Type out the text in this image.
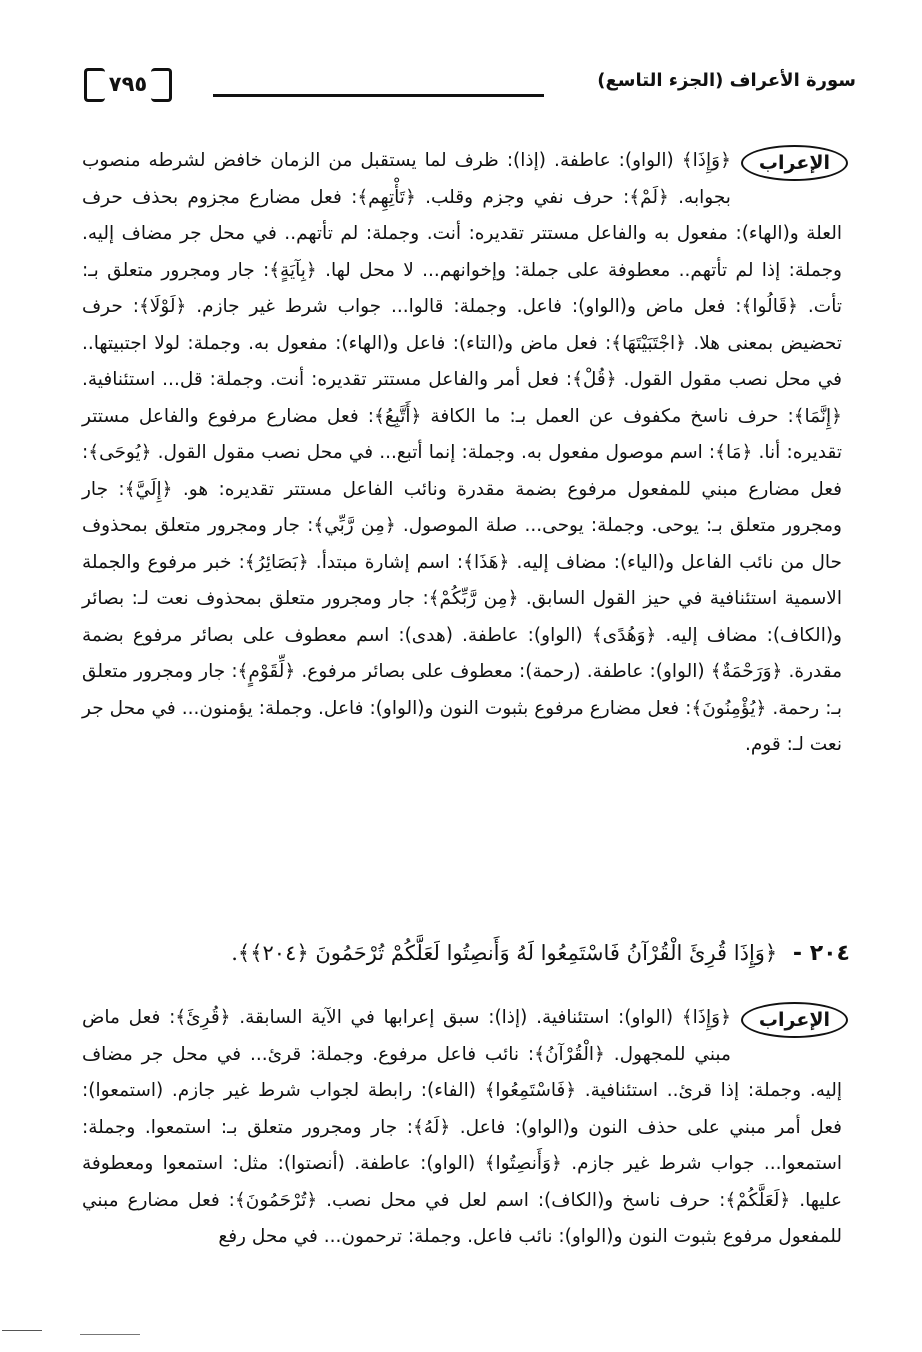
٧٩٥	سورة الأعراف (الجزء التاسع)
الإعراب

﴿وَإِذَا﴾ (الواو): عاطفة. (إذا): ظرف لما يستقبل من الزمان خافض لشرطه منصوب بجوابه. ﴿لَمْ﴾: حرف نفي وجزم وقلب. ﴿تَأْتِهِم﴾: فعل مضارع مجزوم بحذف حرف العلة و(الهاء): مفعول به والفاعل مستتر تقديره: أنت. وجملة: لم تأتهم.. في محل جر مضاف إليه. وجملة: إذا لم تأتهم.. معطوفة على جملة: وإخوانهم... لا محل لها. ﴿بِآيَةٍ﴾: جار ومجرور متعلق بـ: تأت. ﴿قَالُوا﴾: فعل ماض و(الواو): فاعل. وجملة: قالوا... جواب شرط غير جازم. ﴿لَوْلَا﴾: حرف تحضيض بمعنى هلا. ﴿اجْتَبَيْتَهَا﴾: فعل ماض و(التاء): فاعل و(الهاء): مفعول به. وجملة: لولا اجتبيتها.. في محل نصب مقول القول. ﴿قُلْ﴾: فعل أمر والفاعل مستتر تقديره: أنت. وجملة: قل... استئنافية. ﴿إِنَّمَا﴾: حرف ناسخ مكفوف عن العمل بـ: ما الكافة ﴿أَتَّبِعُ﴾: فعل مضارع مرفوع والفاعل مستتر تقديره: أنا. ﴿مَا﴾: اسم موصول مفعول به. وجملة: إنما أتبع... في محل نصب مقول القول. ﴿يُوحَى﴾: فعل مضارع مبني للمفعول مرفوع بضمة مقدرة ونائب الفاعل مستتر تقديره: هو. ﴿إِلَيَّ﴾: جار ومجرور متعلق بـ: يوحى. وجملة: يوحى... صلة الموصول. ﴿مِن رَّبِّي﴾: جار ومجرور متعلق بمحذوف حال من نائب الفاعل و(الياء): مضاف إليه. ﴿هَذَا﴾: اسم إشارة مبتدأ. ﴿بَصَائِرُ﴾: خبر مرفوع والجملة الاسمية استئنافية في حيز القول السابق. ﴿مِن رَّبِّكُمْ﴾: جار ومجرور متعلق بمحذوف نعت لـ: بصائر و(الكاف): مضاف إليه. ﴿وَهُدًى﴾ (الواو): عاطفة. (هدى): اسم معطوف على بصائر مرفوع بضمة مقدرة. ﴿وَرَحْمَةٌ﴾ (الواو): عاطفة. (رحمة): معطوف على بصائر مرفوع. ﴿لِّقَوْمٍ﴾: جار ومجرور متعلق بـ: رحمة. ﴿يُؤْمِنُونَ﴾: فعل مضارع مرفوع بثبوت النون و(الواو): فاعل. وجملة: يؤمنون... في محل جر نعت لـ: قوم.

٢٠٤ - ﴿وَإِذَا قُرِئَ الْقُرْآنُ فَاسْتَمِعُوا لَهُ وَأَنصِتُوا لَعَلَّكُمْ تُرْحَمُونَ ﴿٢٠٤﴾﴾.
الإعراب

﴿وَإِذَا﴾ (الواو): استئنافية. (إذا): سبق إعرابها في الآية السابقة. ﴿قُرِئَ﴾: فعل ماض مبني للمجهول. ﴿الْقُرْآنُ﴾: نائب فاعل مرفوع. وجملة: قرئ... في محل جر مضاف إليه. وجملة: إذا قرئ.. استئنافية. ﴿فَاسْتَمِعُوا﴾ (الفاء): رابطة لجواب شرط غير جازم. (استمعوا): فعل أمر مبني على حذف النون و(الواو): فاعل. ﴿لَهُ﴾: جار ومجرور متعلق بـ: استمعوا. وجملة: استمعوا... جواب شرط غير جازم. ﴿وَأَنصِتُوا﴾ (الواو): عاطفة. (أنصتوا): مثل: استمعوا ومعطوفة عليها. ﴿لَعَلَّكُمْ﴾: حرف ناسخ و(الكاف): اسم لعل في محل نصب. ﴿تُرْحَمُونَ﴾: فعل مضارع مبني للمفعول مرفوع بثبوت النون و(الواو): نائب فاعل. وجملة: ترحمون... في محل رفع
